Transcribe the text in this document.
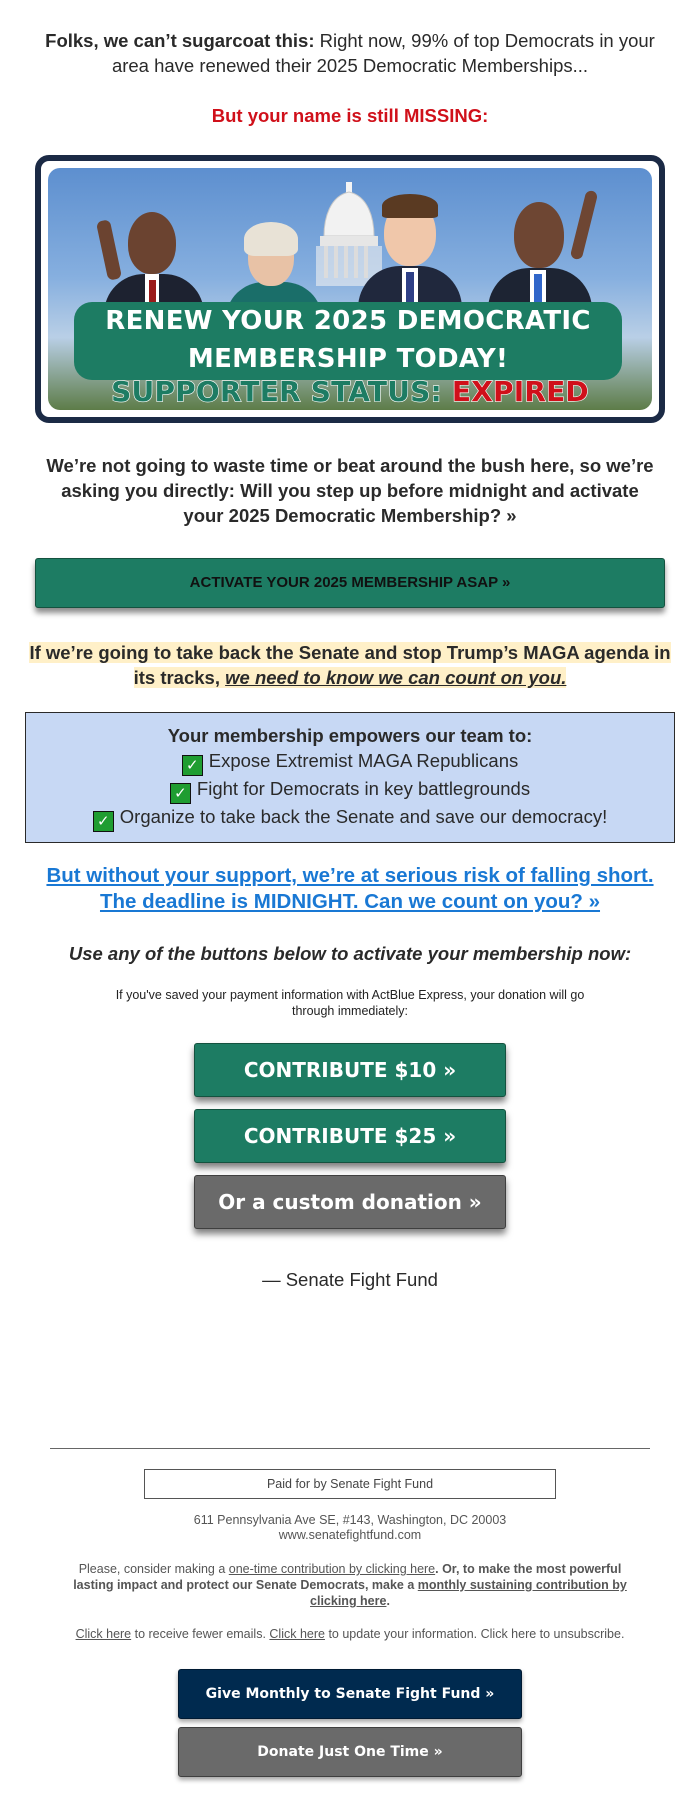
Folks, we can’t sugarcoat this: Right now, 99% of top Democrats in your area have renewed their 2025 Democratic Memberships...

But your name is still MISSING:

RENEW YOUR 2025 DEMOCRATIC
MEMBERSHIP TODAY!
SUPPORTER STATUS: EXPIRED

We’re not going to waste time or beat around the bush here, so we’re asking you directly: Will you step up before midnight and activate your 2025 Democratic Membership? »

ACTIVATE YOUR 2025 MEMBERSHIP ASAP »

If we’re going to take back the Senate and stop Trump’s MAGA agenda in its tracks, we need to know we can count on you.

Your membership empowers our team to:
✓ Expose Extremist MAGA Republicans
✓ Fight for Democrats in key battlegrounds
✓ Organize to take back the Senate and save our democracy!

But without your support, we’re at serious risk of falling short.
The deadline is MIDNIGHT. Can we count on you? »

Use any of the buttons below to activate your membership now:

If you've saved your payment information with ActBlue Express, your donation will go through immediately:

CONTRIBUTE $10 »
CONTRIBUTE $25 »
Or a custom donation »

— Senate Fight Fund

Paid for by Senate Fight Fund
611 Pennsylvania Ave SE, #143, Washington, DC 20003
www.senatefightfund.com

Please, consider making a one-time contribution by clicking here. Or, to make the most powerful lasting impact and protect our Senate Democrats, make a monthly sustaining contribution by clicking here.

Click here to receive fewer emails. Click here to update your information. Click here to unsubscribe.

Give Monthly to Senate Fight Fund »
Donate Just One Time »
